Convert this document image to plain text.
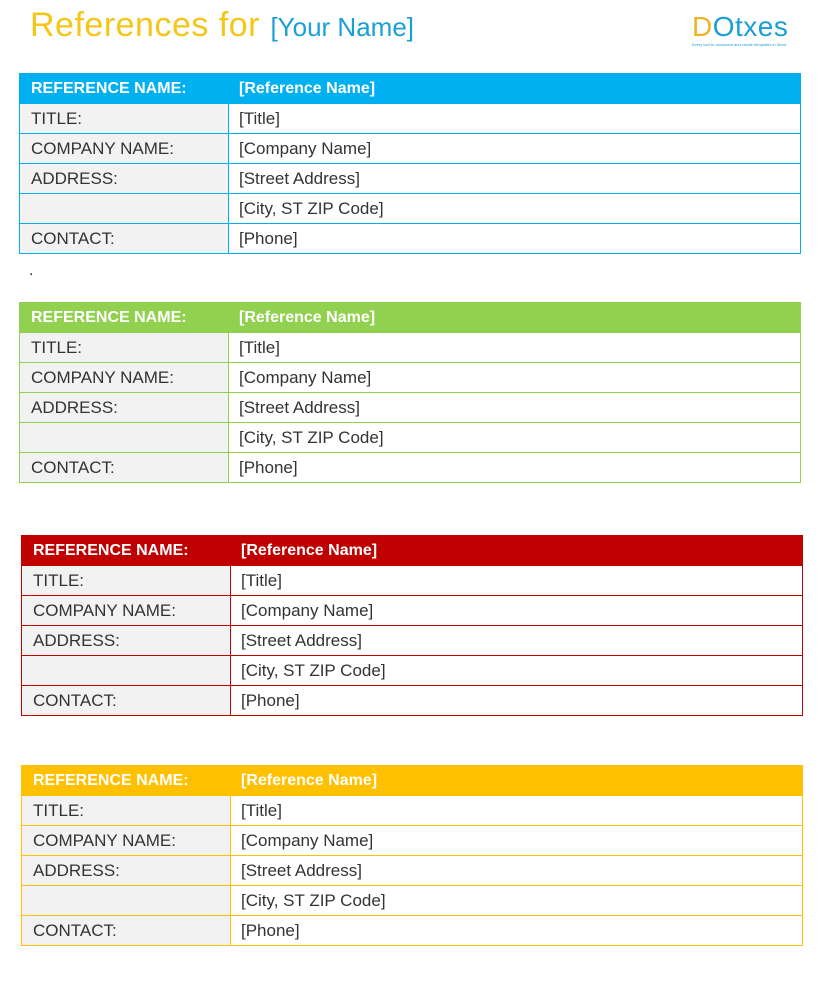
References for [Your Name]	DOtxes
Every tool to document and create templates in Word
.
REFERENCE NAME:	[Reference Name]
TITLE:	[Title]
COMPANY NAME:	[Company Name]
ADDRESS:	[Street Address]
	[City, ST ZIP Code]
CONTACT:	[Phone]
REFERENCE NAME:	[Reference Name]
TITLE:	[Title]
COMPANY NAME:	[Company Name]
ADDRESS:	[Street Address]
	[City, ST ZIP Code]
CONTACT:	[Phone]
REFERENCE NAME:	[Reference Name]
TITLE:	[Title]
COMPANY NAME:	[Company Name]
ADDRESS:	[Street Address]
	[City, ST ZIP Code]
CONTACT:	[Phone]
REFERENCE NAME:	[Reference Name]
TITLE:	[Title]
COMPANY NAME:	[Company Name]
ADDRESS:	[Street Address]
	[City, ST ZIP Code]
CONTACT:	[Phone]
